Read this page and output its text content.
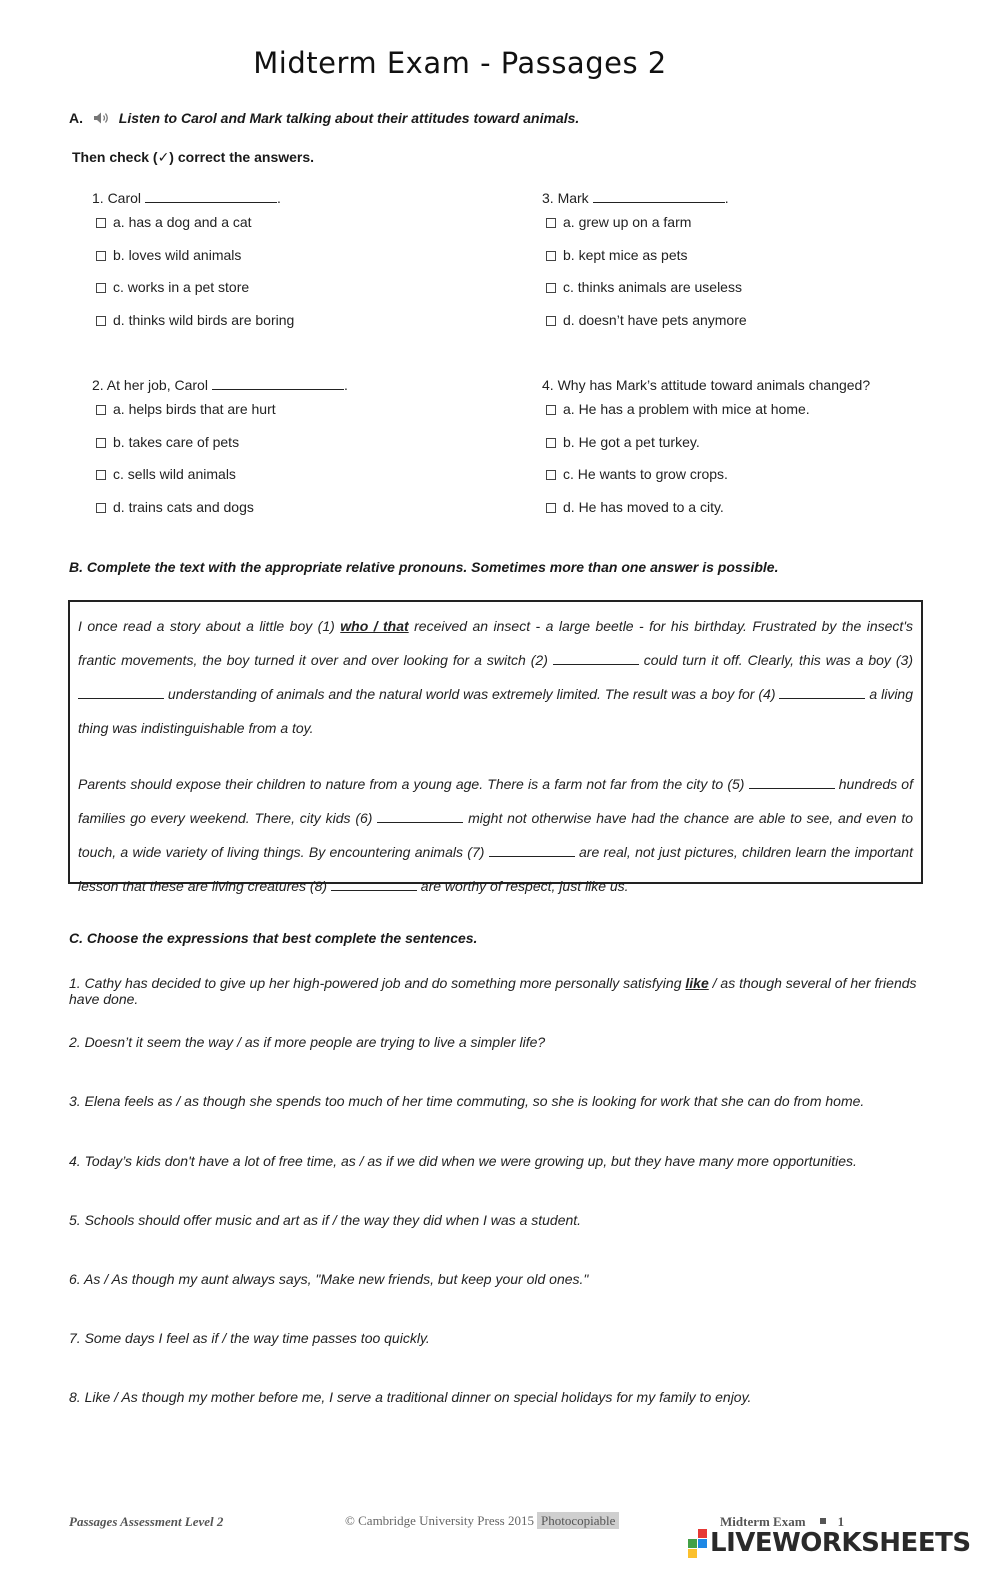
Midterm Exam - Passages 2
A.	Listen to Carol and Mark talking about their attitudes toward animals.
Then check (✓) correct the answers.
1. Carol	.
a. has a dog and a cat
b. loves wild animals
c. works in a pet store
d. thinks wild birds are boring
2. At her job, Carol	.
a. helps birds that are hurt
b. takes care of pets
c. sells wild animals
d. trains cats and dogs
3. Mark	.
a. grew up on a farm
b. kept mice as pets
c. thinks animals are useless
d. doesn’t have pets anymore
4. Why has Mark’s attitude toward animals changed?
a. He has a problem with mice at home.
b. He got a pet turkey.
c. He wants to grow crops.
d. He has moved to a city.
B. Complete the text with the appropriate relative pronouns. Sometimes more than one answer is possible.

I once read a story about a little boy (1) who / that received an insect - a large beetle - for his birthday. Frustrated by the insect's frantic movements, the boy turned it over and over looking for a switch (2)	could turn it off. Clearly, this was a boy (3)  understanding of animals and the natural world was extremely limited. The result was a boy for (4)	a living thing was indistinguishable from a toy.

Parents should expose their children to nature from a young age. There is a farm not far from the city to (5)	hundreds of families go every weekend. There, city kids (6)	might not otherwise have had the chance are able to see, and even to touch, a wide variety of living things. By encountering animals (7)	are real, not just pictures, children learn the important lesson that these are living creatures (8)	are worthy of respect, just like us.

C. Choose the expressions that best complete the sentences.
1. Cathy has decided to give up her high-powered job and do something more personally satisfying like / as though several of her friends have done.
2. Doesn’t it seem the way / as if more people are trying to live a simpler life?
3. Elena feels as / as though she spends too much of her time commuting, so she is looking for work that she can do from home.
4. Today’s kids don't have a lot of free time, as / as if we did when we were growing up, but they have many more opportunities.
5. Schools should offer music and art as if / the way they did when I was a student.
6. As / As though my aunt always says, "Make new friends, but keep your old ones."
7. Some days I feel as if / the way time passes too quickly.
8. Like / As though my mother before me, I serve a traditional dinner on special holidays for my family to enjoy.
Passages Assessment Level 2	© Cambridge University Press 2015 Photocopiable	Midterm Exam 1
LIVEWORKSHEETS
